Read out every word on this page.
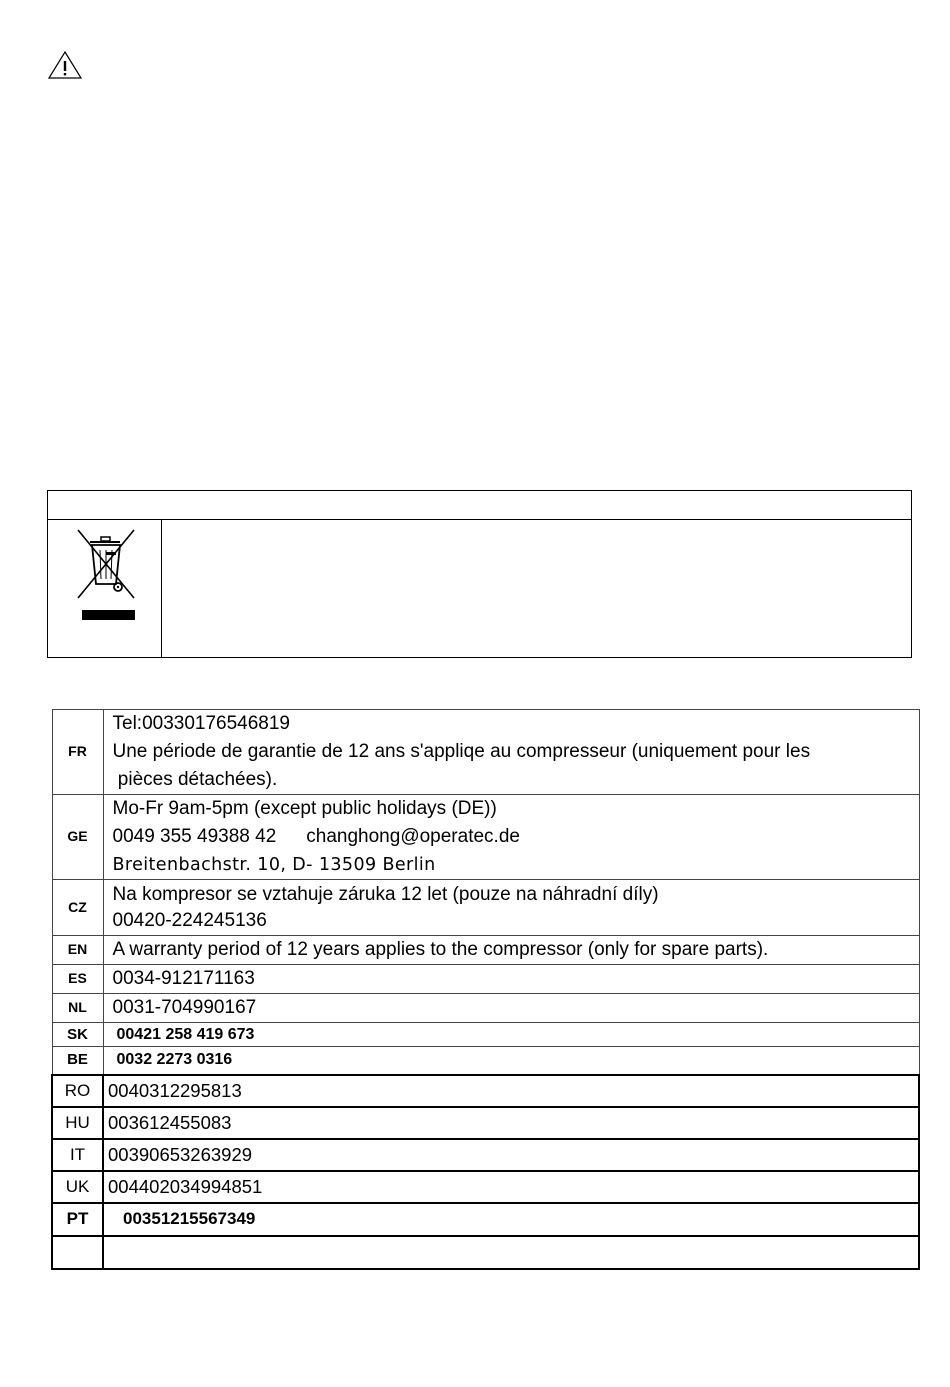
FR	Tel:00330176546819
Une période de garantie de 12 ans s'appliqe au compresseur (uniquement pour les
pièces détachées).

GE	Mo-Fr 9am-5pm (except public holidays (DE))
0049 355 49388 42 changhong@operatec.de
Breitenbachstr. 10, D- 13509 Berlin

CZ	Na kompresor se vztahuje záruka 12 let (pouze na náhradní díly)
00420-224245136

EN	A warranty period of 12 years applies to the compressor (only for spare parts).

ES	0034-912171163

NL	0031-704990167

SK	00421 258 419 673
BE	0032 2273 0316
RO	0040312295813
HU	003612455083
IT	00390653263929
UK	004402034994851
PT	00351215567349
